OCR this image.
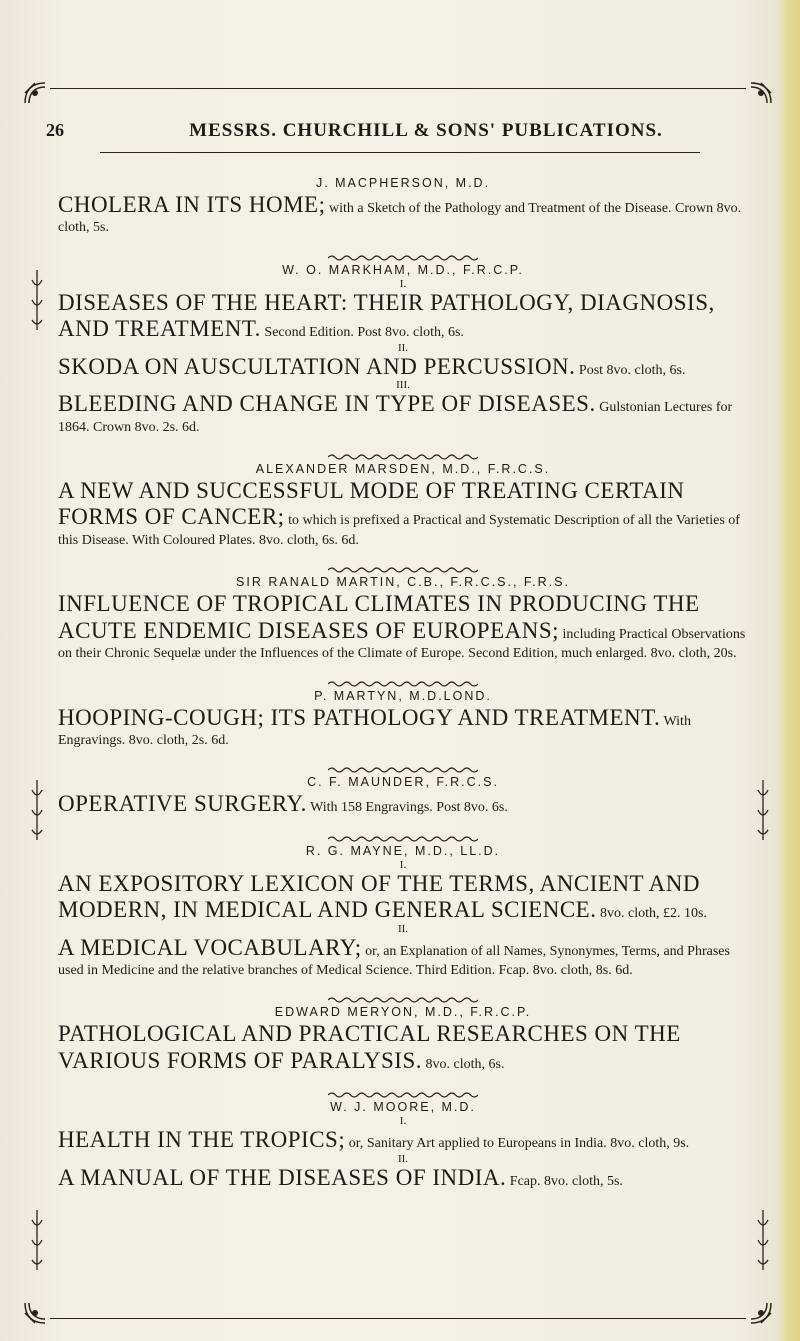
26	MESSRS. CHURCHILL & SONS' PUBLICATIONS.

J. MACPHERSON, M.D.

CHOLERA IN ITS HOME; with a Sketch of the Pathology and Treatment of the Disease. Crown 8vo. cloth, 5s.

W. O. MARKHAM, M.D., F.R.C.P.

I.

DISEASES OF THE HEART: THEIR PATHOLOGY, DIAGNOSIS, AND TREATMENT. Second Edition. Post 8vo. cloth, 6s.

II.

SKODA ON AUSCULTATION AND PERCUSSION. Post 8vo. cloth, 6s.

III.

BLEEDING AND CHANGE IN TYPE OF DISEASES. Gulstonian Lectures for 1864. Crown 8vo. 2s. 6d.

ALEXANDER MARSDEN, M.D., F.R.C.S.

A NEW AND SUCCESSFUL MODE OF TREATING CERTAIN FORMS OF CANCER; to which is prefixed a Practical and Systematic Description of all the Varieties of this Disease. With Coloured Plates. 8vo. cloth, 6s. 6d.

SIR RANALD MARTIN, C.B., F.R.C.S., F.R.S.

INFLUENCE OF TROPICAL CLIMATES IN PRODUCING THE ACUTE ENDEMIC DISEASES OF EUROPEANS; including Practical Observations on their Chronic Sequelæ under the Influences of the Climate of Europe. Second Edition, much enlarged. 8vo. cloth, 20s.

P. MARTYN, M.D.LOND.

HOOPING-COUGH; ITS PATHOLOGY AND TREATMENT. With Engravings. 8vo. cloth, 2s. 6d.

C. F. MAUNDER, F.R.C.S.

OPERATIVE SURGERY. With 158 Engravings. Post 8vo. 6s.

R. G. MAYNE, M.D., LL.D.

I.

AN EXPOSITORY LEXICON OF THE TERMS, ANCIENT AND MODERN, IN MEDICAL AND GENERAL SCIENCE. 8vo. cloth, £2. 10s.

II.

A MEDICAL VOCABULARY; or, an Explanation of all Names, Synonymes, Terms, and Phrases used in Medicine and the relative branches of Medical Science. Third Edition. Fcap. 8vo. cloth, 8s. 6d.

EDWARD MERYON, M.D., F.R.C.P.

PATHOLOGICAL AND PRACTICAL RESEARCHES ON THE VARIOUS FORMS OF PARALYSIS. 8vo. cloth, 6s.

W. J. MOORE, M.D.

I.

HEALTH IN THE TROPICS; or, Sanitary Art applied to Europeans in India. 8vo. cloth, 9s.

II.

A MANUAL OF THE DISEASES OF INDIA. Fcap. 8vo. cloth, 5s.
